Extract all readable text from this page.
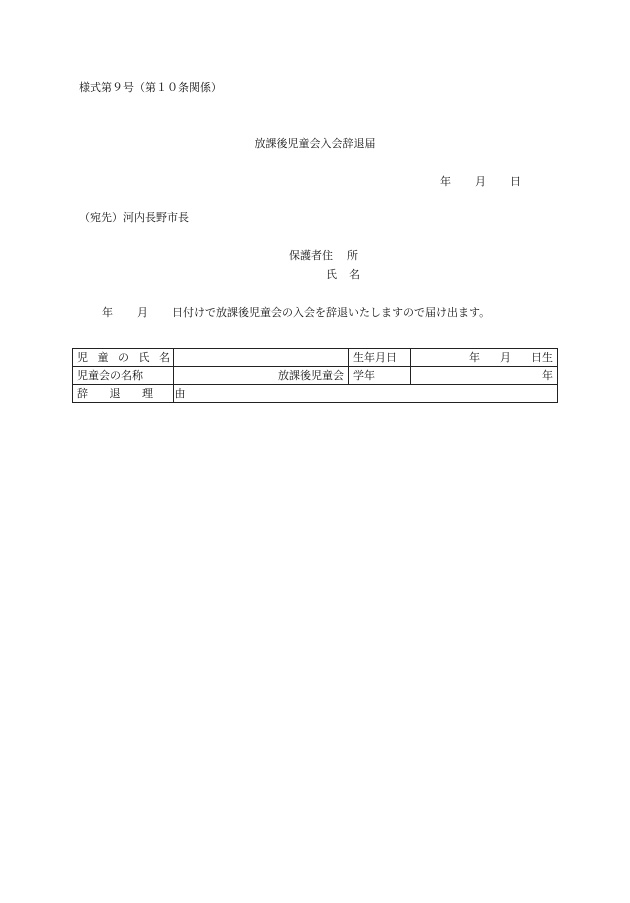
様式第９号（第１０条関係）
放課後児童会入会辞退届
年 月 日
（宛先）河内長野市長
保護者住 所
氏 名
年 月 日付けで放課後児童会の入会を辞退いたしますので届け出ます。
児 童 の 氏 名		生年月日	年 月 日生
児童会の名称	放課後児童会	学年	年
辞 退 理 由			
